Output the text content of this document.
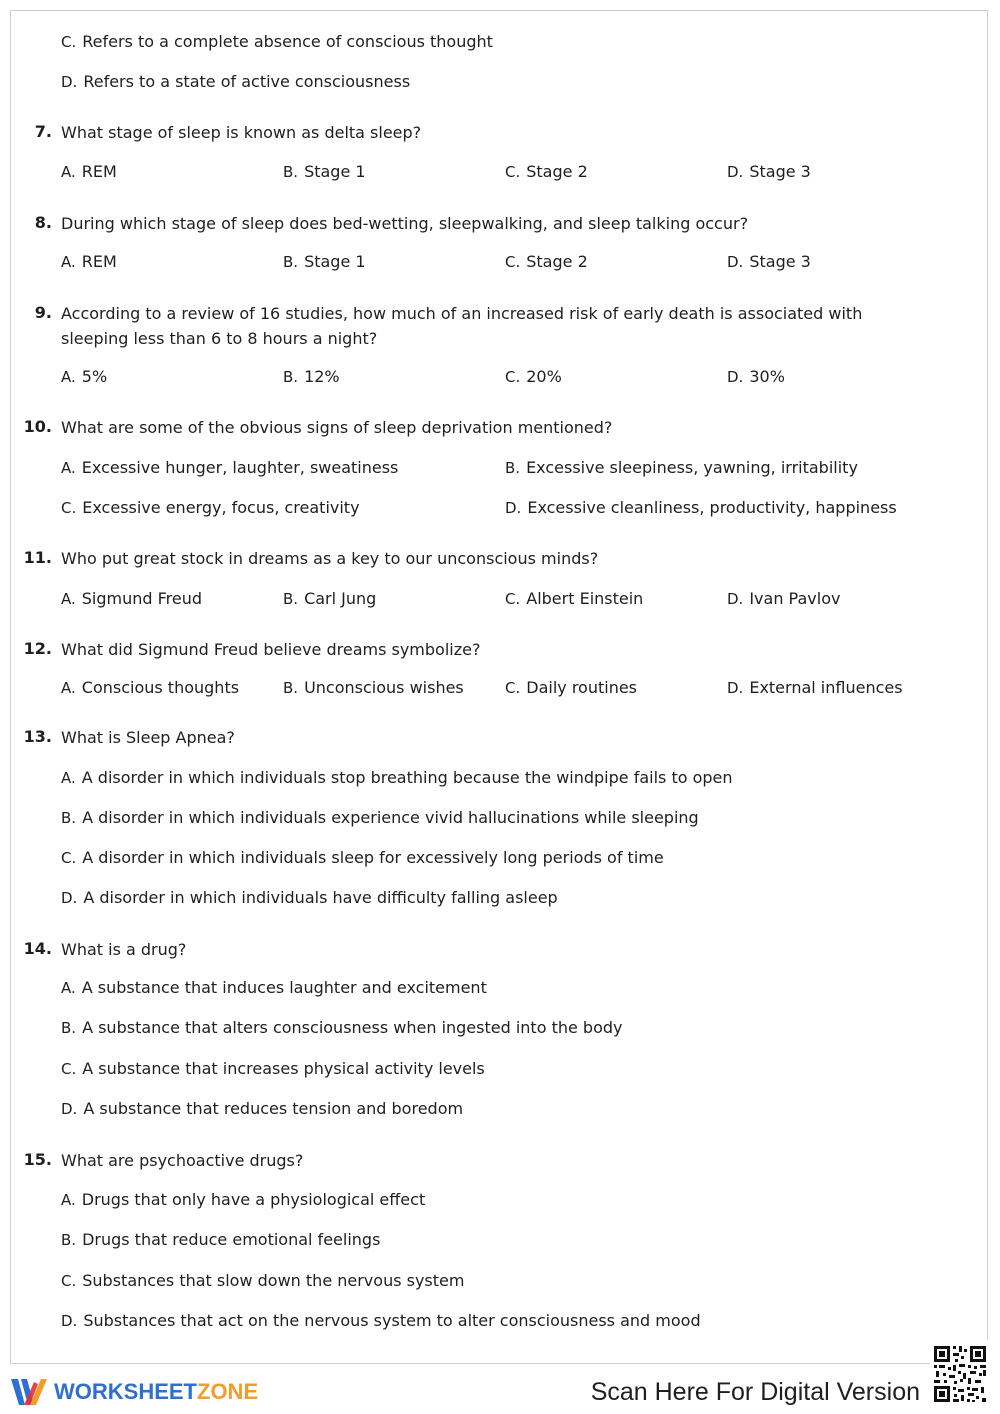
C. Refers to a complete absence of conscious thought
D. Refers to a state of active consciousness
7. What stage of sleep is known as delta sleep?
A. REM	B. Stage 1	C. Stage 2	D. Stage 3
8. During which stage of sleep does bed-wetting, sleepwalking, and sleep talking occur?
A. REM	B. Stage 1	C. Stage 2	D. Stage 3
9. According to a review of 16 studies, how much of an increased risk of early death is associated with sleeping less than 6 to 8 hours a night?
A. 5%	B. 12%	C. 20%	D. 30%
10. What are some of the obvious signs of sleep deprivation mentioned?
A. Excessive hunger, laughter, sweatiness	B. Excessive sleepiness, yawning, irritability
C. Excessive energy, focus, creativity	D. Excessive cleanliness, productivity, happiness
11. Who put great stock in dreams as a key to our unconscious minds?
A. Sigmund Freud	B. Carl Jung	C. Albert Einstein	D. Ivan Pavlov
12. What did Sigmund Freud believe dreams symbolize?
A. Conscious thoughts	B. Unconscious wishes	C. Daily routines	D. External influences
13. What is Sleep Apnea?
A. A disorder in which individuals stop breathing because the windpipe fails to open
B. A disorder in which individuals experience vivid hallucinations while sleeping
C. A disorder in which individuals sleep for excessively long periods of time
D. A disorder in which individuals have difficulty falling asleep
14. What is a drug?
A. A substance that induces laughter and excitement
B. A substance that alters consciousness when ingested into the body
C. A substance that increases physical activity levels
D. A substance that reduces tension and boredom
15. What are psychoactive drugs?
A. Drugs that only have a physiological effect
B. Drugs that reduce emotional feelings
C. Substances that slow down the nervous system
D. Substances that act on the nervous system to alter consciousness and mood
WORKSHEETZONE	Scan Here For Digital Version
